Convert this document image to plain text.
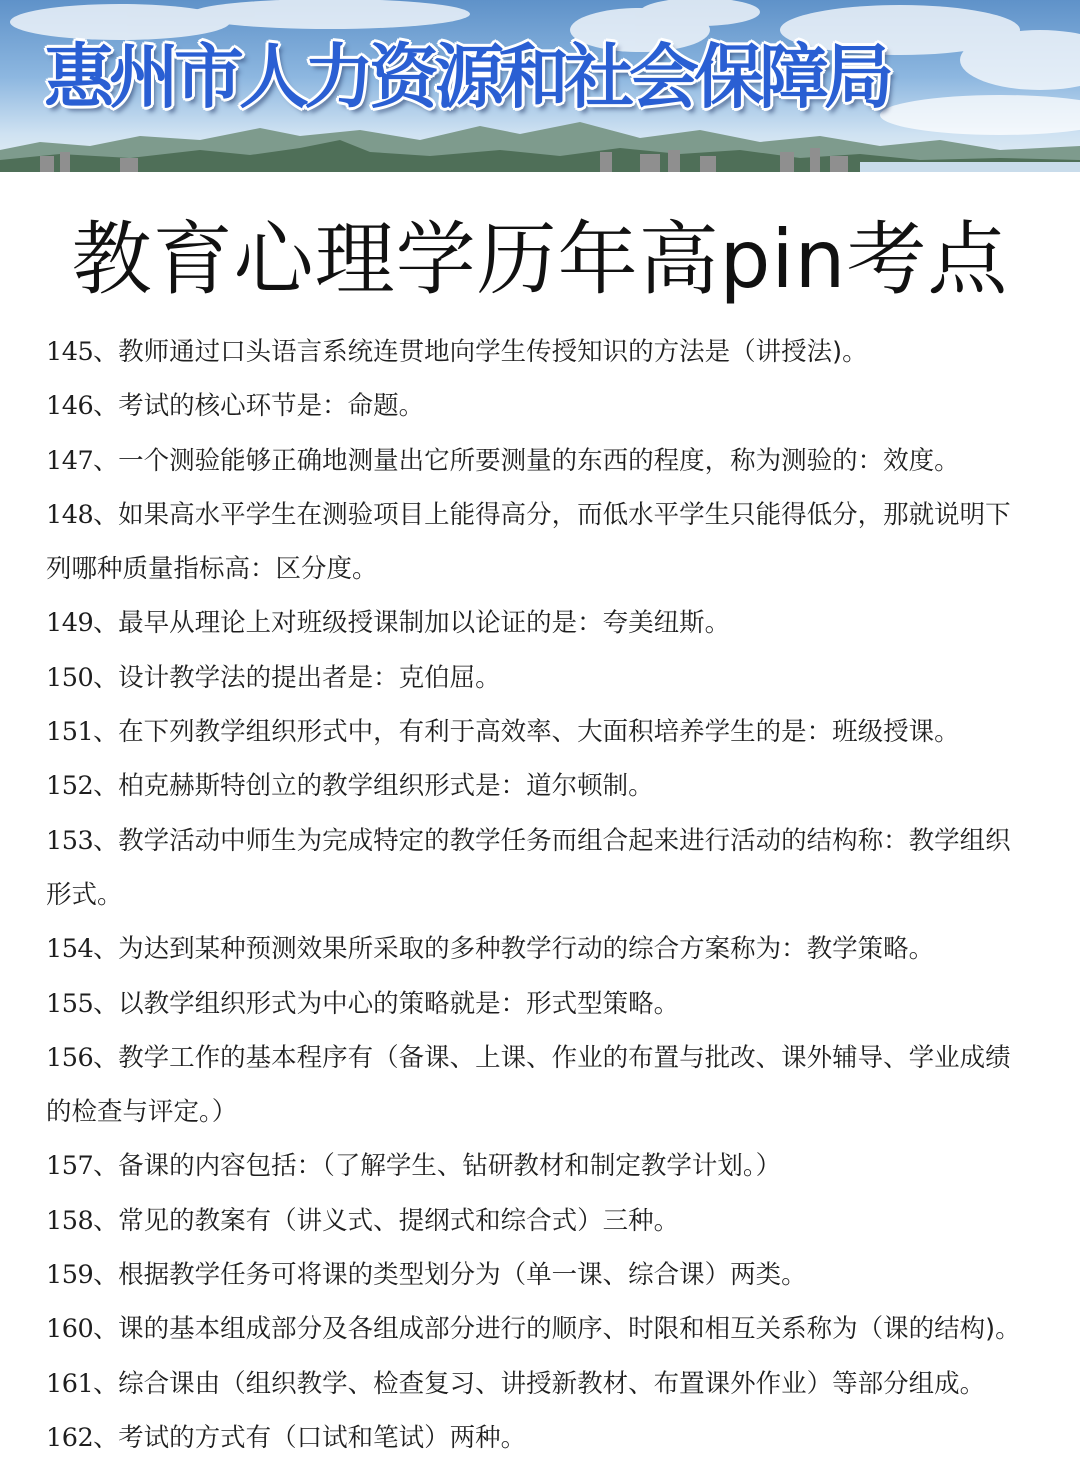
惠州市人力资源和社会保障局
教育心理学历年高pin考点
145、教师通过口头语言系统连贯地向学生传授知识的方法是（讲授法)。
146、考试的核心环节是：命题。
147、一个测验能够正确地测量出它所要测量的东西的程度，称为测验的：效度。
148、如果高水平学生在测验项目上能得高分，而低水平学生只能得低分，那就说明下列哪种质量指标高：区分度。
149、最早从理论上对班级授课制加以论证的是：夸美纽斯。
150、设计教学法的提出者是：克伯屈。
151、在下列教学组织形式中，有利于高效率、大面积培养学生的是：班级授课。
152、柏克赫斯特创立的教学组织形式是：道尔顿制。
153、教学活动中师生为完成特定的教学任务而组合起来进行活动的结构称：教学组织形式。
154、为达到某种预测效果所采取的多种教学行动的综合方案称为：教学策略。
155、以教学组织形式为中心的策略就是：形式型策略。
156、教学工作的基本程序有（备课、上课、作业的布置与批改、课外辅导、学业成绩的检查与评定。）
157、备课的内容包括：（了解学生、钻研教材和制定教学计划。）
158、常见的教案有（讲义式、提纲式和综合式）三种。
159、根据教学任务可将课的类型划分为（单一课、综合课）两类。
160、课的基本组成部分及各组成部分进行的顺序、时限和相互关系称为（课的结构)。
161、综合课由（组织教学、检查复习、讲授新教材、布置课外作业）等部分组成。
162、考试的方式有（口试和笔试）两种。
